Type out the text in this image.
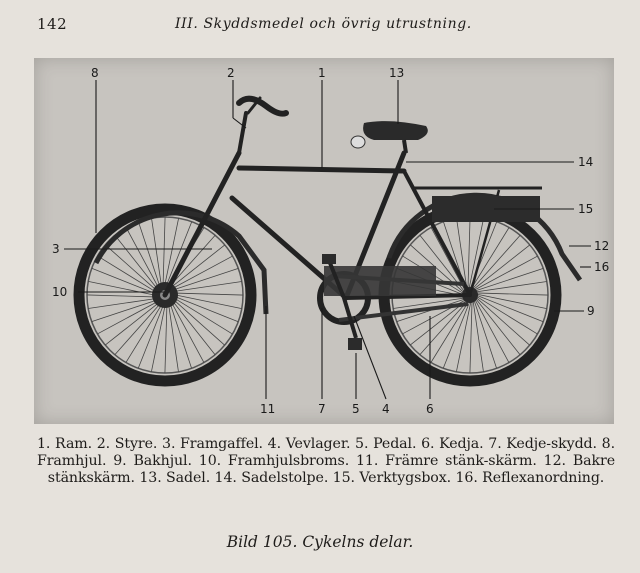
142	III. Skyddsmedel och övrig utrustning.
8	2	1	13
14
15
12
16
9
3
10
11	7 5 4	6
1. Ram. 2. Styre. 3. Framgaffel. 4. Vevlager. 5. Pedal. 6. Kedja. 7. Kedje-skydd. 8. Framhjul. 9. Bakhjul. 10. Framhjulsbroms. 11. Främre stänk-skärm. 12. Bakre stänkskärm. 13. Sadel. 14. Sadelstolpe. 15. Verktygsbox. 16. Reflexanordning.
Bild 105. Cykelns delar.
